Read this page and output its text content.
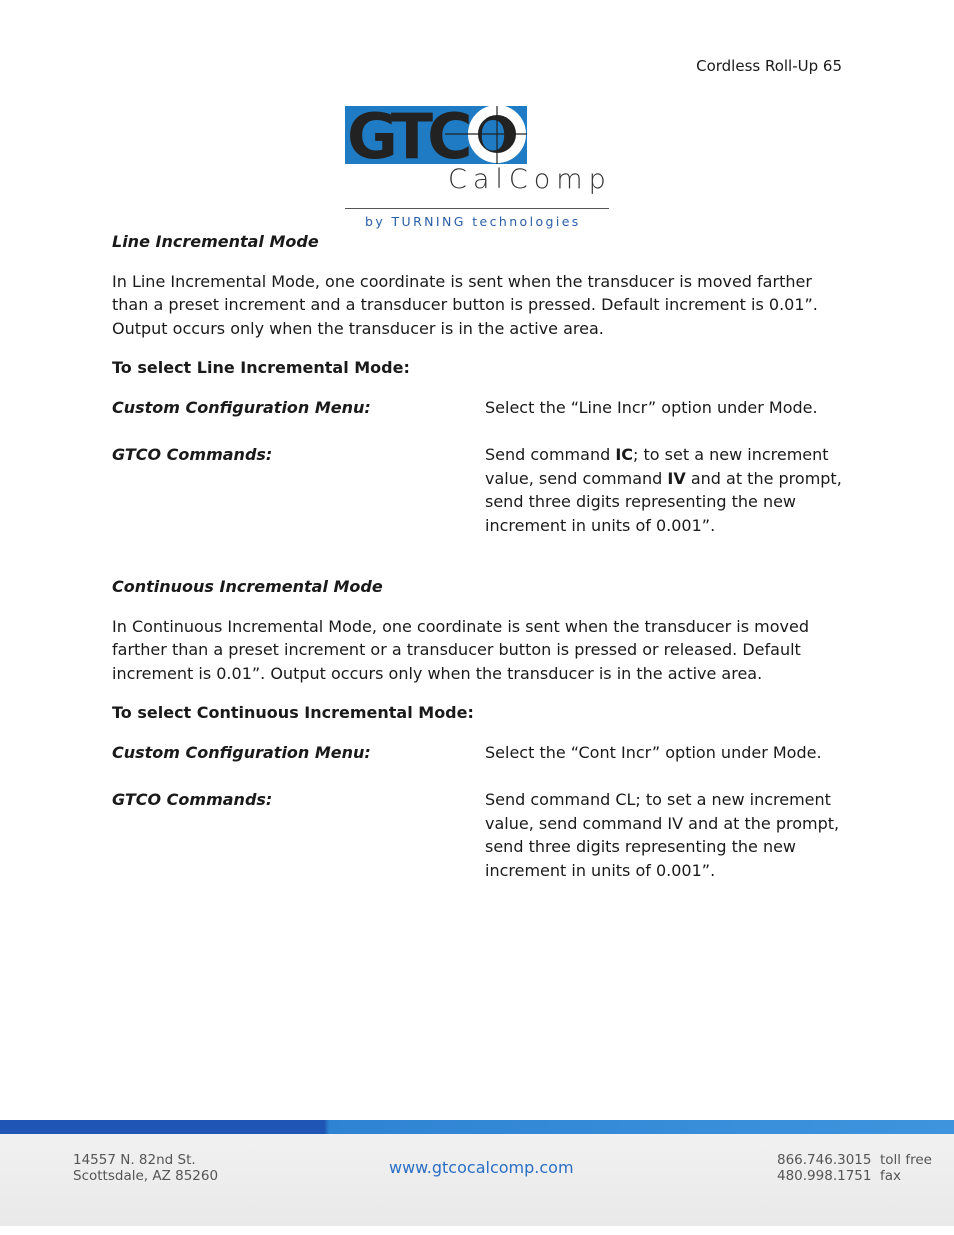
Cordless Roll-Up 65
GTCO
CalComp
by TURNING technologies
Line Incremental Mode
In Line Incremental Mode, one coordinate is sent when the transducer is moved farther than a preset increment and a transducer button is pressed. Default increment is 0.01”. Output occurs only when the transducer is in the active area.
To select Line Incremental Mode:
Custom Configuration Menu:	Select the “Line Incr” option under Mode.
GTCO Commands:	Send command IC; to set a new increment value, send command IV and at the prompt, send three digits representing the new increment in units of 0.001”.
Continuous Incremental Mode
In Continuous Incremental Mode, one coordinate is sent when the transducer is moved farther than a preset increment or a transducer button is pressed or released. Default increment is 0.01”. Output occurs only when the transducer is in the active area.
To select Continuous Incremental Mode:
Custom Configuration Menu:	Select the “Cont Incr” option under Mode.
GTCO Commands:	Send command CL; to set a new increment value, send command IV and at the prompt, send three digits representing the new increment in units of 0.001”.
14557 N. 82nd St.
Scottsdale, AZ 85260	www.gtcocalcomp.com	866.746.3015
480.998.1751
toll free
fax
